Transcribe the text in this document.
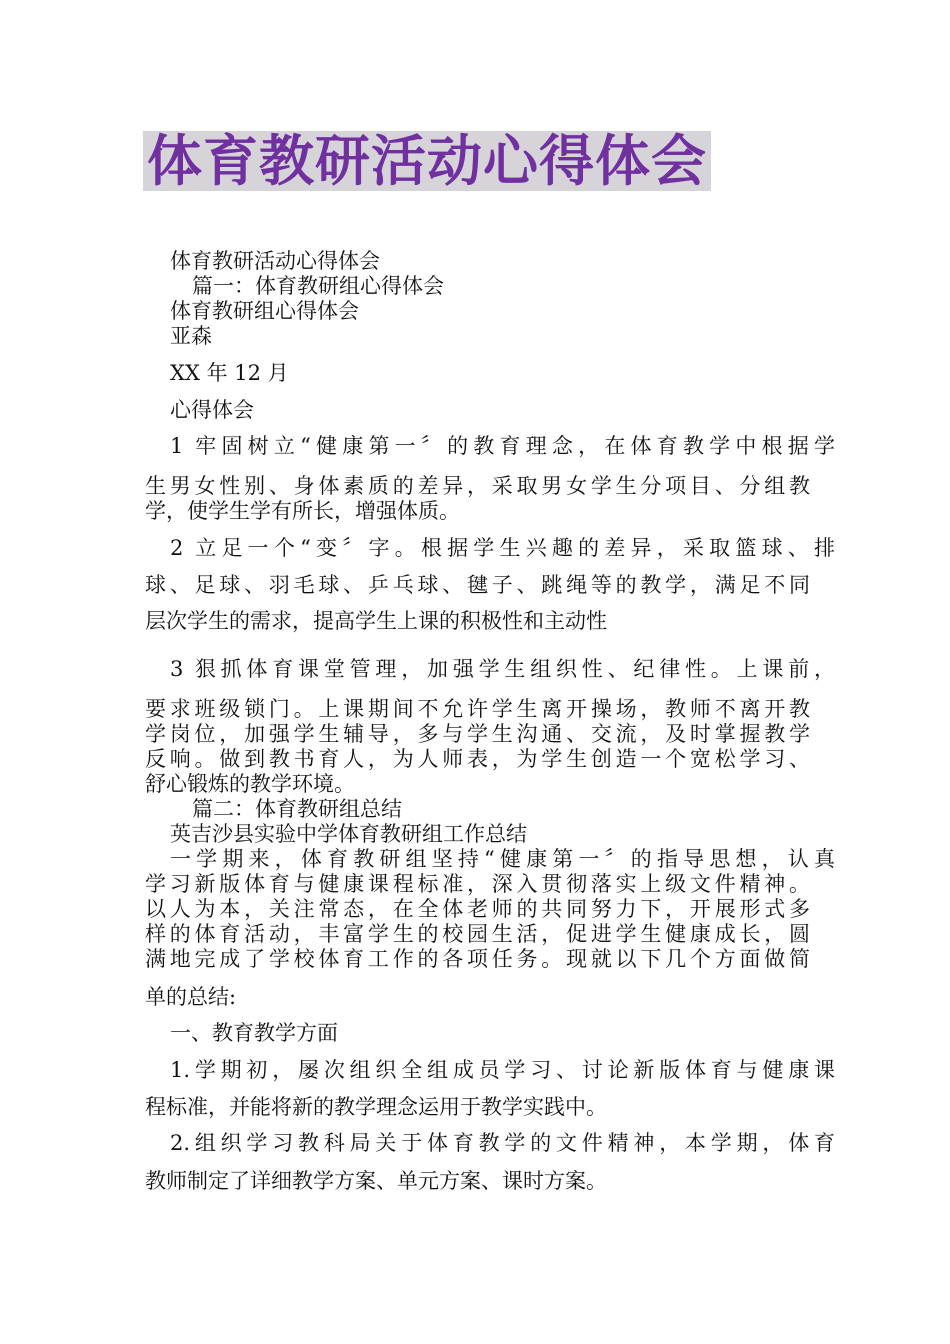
体育教研活动心得体会
体育教研活动心得体会
篇一：体育教研组心得体会
体育教研组心得体会
亚森
XX 年 12 月
心得体会
1 牢固树立“健康第一〞的教育理念，在体育教学中根据学
生男女性别、身体素质的差异，采取男女学生分项目、分组教
学，使学生学有所长，增强体质。
2 立足一个“变〞字。根据学生兴趣的差异，采取篮球、排
球、足球、羽毛球、乒乓球、毽子、跳绳等的教学，满足不同
层次学生的需求，提高学生上课的积极性和主动性
3 狠抓体育课堂管理，加强学生组织性、纪律性。上课前，
要求班级锁门。上课期间不允许学生离开操场，教师不离开教
学岗位，加强学生辅导，多与学生沟通、交流，及时掌握教学
反响。做到教书育人，为人师表，为学生创造一个宽松学习、
舒心锻炼的教学环境。
篇二：体育教研组总结
英吉沙县实验中学体育教研组工作总结
一学期来，体育教研组坚持“健康第一〞的指导思想，认真
学习新版体育与健康课程标准，深入贯彻落实上级文件精神。
以人为本，关注常态，在全体老师的共同努力下，开展形式多
样的体育活动，丰富学生的校园生活，促进学生健康成长，圆
满地完成了学校体育工作的各项任务。现就以下几个方面做简
单的总结:
一、教育教学方面
1.学期初，屡次组织全组成员学习、讨论新版体育与健康课
程标准，并能将新的教学理念运用于教学实践中。
2.组织学习教科局关于体育教学的文件精神，本学期，体育
教师制定了详细教学方案、单元方案、课时方案。
